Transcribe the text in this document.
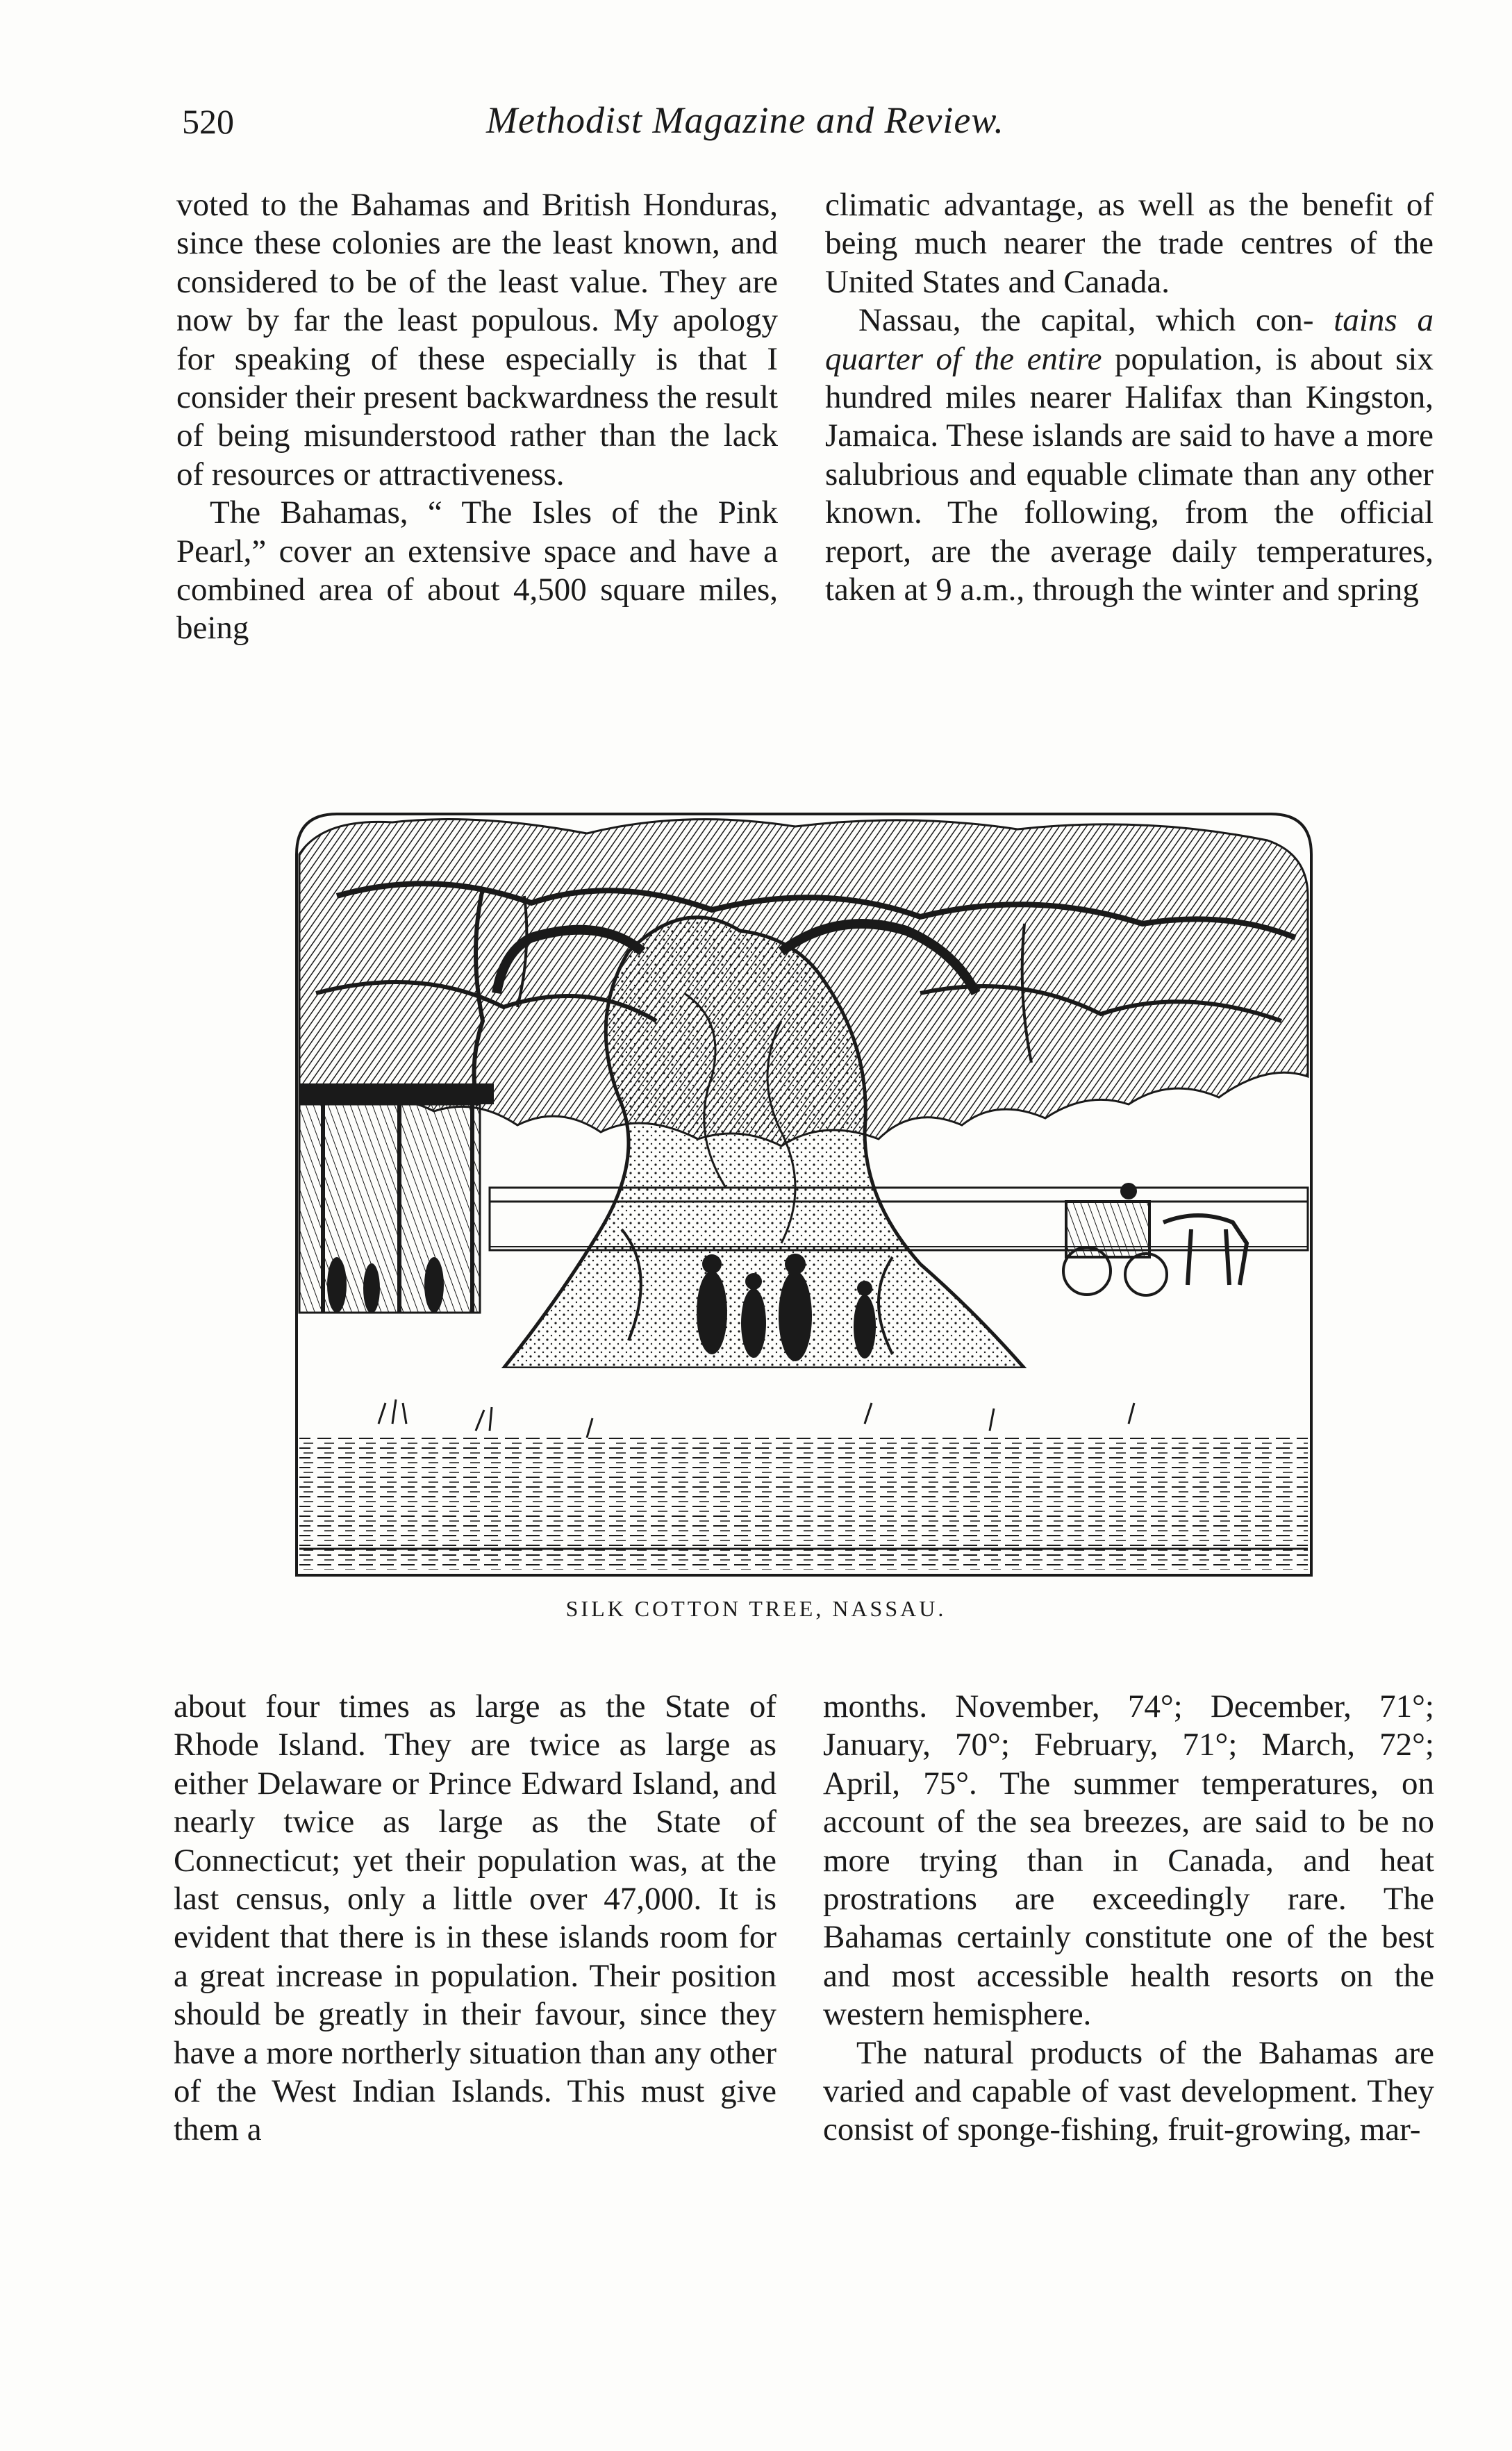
520	Methodist Magazine and Review.

voted to the Bahamas and British Honduras, since these colonies are the least known, and considered to be of the least value. They are now by far the least populous. My apology for speaking of these especially is that I consider their present backwardness the result of being misunderstood rather than the lack of resources or attractiveness.

The Bahamas, “ The Isles of the Pink Pearl,” cover an extensive space and have a combined area of about 4,500 square miles, being

climatic advantage, as well as the benefit of being much nearer the trade centres of the United States and Canada.

Nassau, the capital, which con- tains a quarter of the entire population, is about six hundred miles nearer Halifax than Kingston, Jamaica. These islands are said to have a more salubrious and equable climate than any other known. The following, from the official report, are the average daily temperatures, taken at 9 a.m., through the winter and spring

SILK COTTON TREE, NASSAU.

about four times as large as the State of Rhode Island. They are twice as large as either Delaware or Prince Edward Island, and nearly twice as large as the State of Connecticut; yet their population was, at the last census, only a little over 47,000. It is evident that there is in these islands room for a great increase in population. Their position should be greatly in their favour, since they have a more northerly situation than any other of the West Indian Islands. This must give them a

months. November, 74°; December, 71°; January, 70°; February, 71°; March, 72°; April, 75°. The summer temperatures, on account of the sea breezes, are said to be no more trying than in Canada, and heat prostrations are exceedingly rare. The Bahamas certainly constitute one of the best and most accessible health resorts on the western hemisphere.

The natural products of the Bahamas are varied and capable of vast development. They consist of sponge-fishing, fruit-growing, mar-
